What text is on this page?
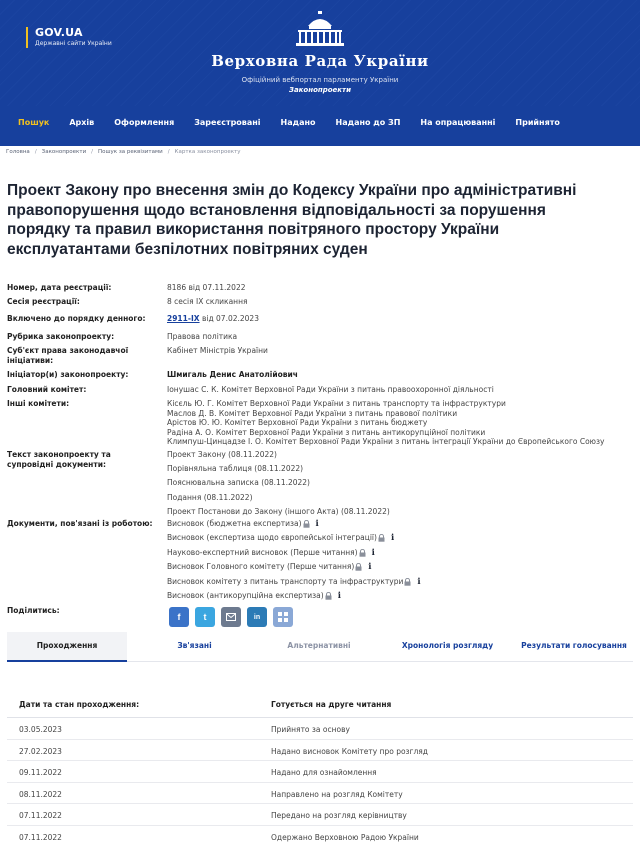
GOV.UA
Державні сайти України
Верховна Рада України
Офіційний вебпортал парламенту України
Законопроекти
Пошук	Архів	Оформлення	Зареєстровані	Надано	Надано до ЗП	На опрацюванні	Прийнято
Головна / Законопроекти / Пошук за реквізитами / Картка законопроекту
Проект Закону про внесення змін до Кодексу України про адміністративні правопорушення щодо встановлення відповідальності за порушення порядку та правил використання повітряного простору України експлуатантами безпілотних повітряних суден
Номер, дата реєстрації:	8186 від 07.11.2022
Сесія реєстрації:	8 сесія IX скликання
Включено до порядку денного:	2911-IX від 07.02.2023
Рубрика законопроекту:	Правова політика
Суб'єкт права законодавчої ініціативи:
Кабінет Міністрів України
Ініціатор(и) законопроекту:	Шмигаль Денис Анатолійович
Головний комітет:	Іонушас С. К. Комітет Верховної Ради України з питань правоохоронної діяльності
Інші комітети:	Кісєль Ю. Г. Комітет Верховної Ради України з питань транспорту та інфраструктури
Маслов Д. В. Комітет Верховної Ради України з питань правової політики
Арістов Ю. Ю. Комітет Верховної Ради України з питань бюджету
Радіна А. О. Комітет Верховної Ради України з питань антикорупційної політики
Климпуш-Цинцадзе І. О. Комітет Верховної Ради України з питань інтеграції України до Європейського Союзу
Текст законопроекту та супровідні документи:
Проект Закону (08.11.2022)
Порівняльна таблиця (08.11.2022)
Пояснювальна записка (08.11.2022)
Подання (08.11.2022)
Проект Постанови до Закону (іншого Акта) (08.11.2022)
Документи, пов'язані із роботою:	Висновок (бюджетна експертиза) i
Висновок (експертиза щодо європейської інтеграції) i
Науково-експертний висновок (Перше читання) i
Висновок Головного комітету (Перше читання) i
Висновок комітету з питань транспорту та інфраструктури i
Висновок (антикорупційна експертиза) i
Поділитись:
f	t	in
Проходження	Зв'язані	Альтернативні	Хронологія розгляду	Результати голосування
Дати та стан проходження:	Готується на друге читання
03.05.2023	Прийнято за основу
27.02.2023	Надано висновок Комітету про розгляд
09.11.2022	Надано для ознайомлення
08.11.2022	Направлено на розгляд Комітету
07.11.2022	Передано на розгляд керівництву
07.11.2022	Одержано Верховною Радою України
